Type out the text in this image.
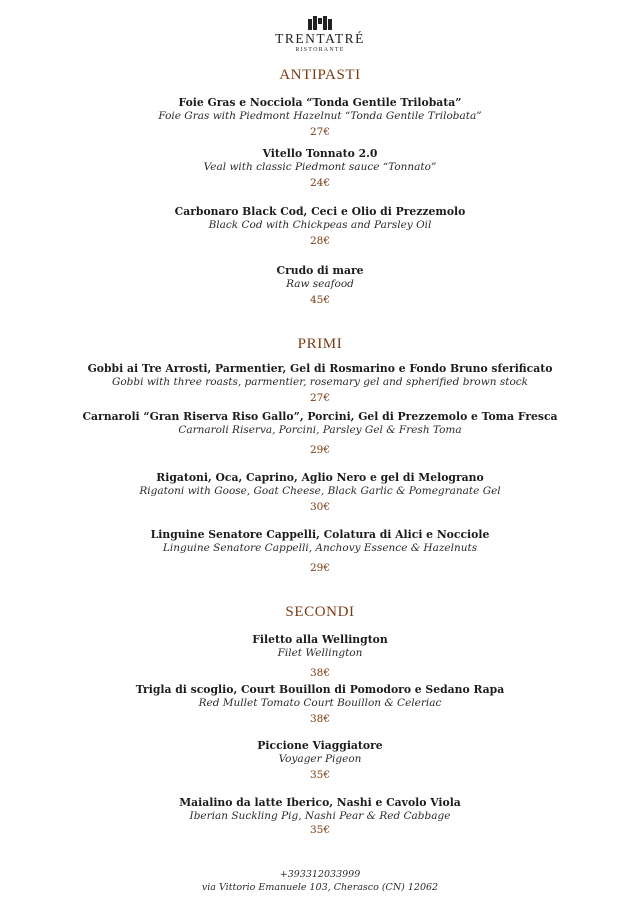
TRENTATRÉ
RISTORANTE
ANTIPASTI
Foie Gras e Nocciola “Tonda Gentile Trilobata”
Foie Gras with Piedmont Hazelnut “Tonda Gentile Trilobata”
27€
Vitello Tonnato 2.0
Veal with classic Piedmont sauce “Tonnato”
24€
Carbonaro Black Cod, Ceci e Olio di Prezzemolo
Black Cod with Chickpeas and Parsley Oil
28€
Crudo di mare
Raw seafood
45€
PRIMI
Gobbi ai Tre Arrosti, Parmentier, Gel di Rosmarino e Fondo Bruno sferificato
Gobbi with three roasts, parmentier, rosemary gel and spherified brown stock
27€
Carnaroli “Gran Riserva Riso Gallo”, Porcini, Gel di Prezzemolo e Toma Fresca
Carnaroli Riserva, Porcini, Parsley Gel & Fresh Toma
29€
Rigatoni, Oca, Caprino, Aglio Nero e gel di Melograno
Rigatoni with Goose, Goat Cheese, Black Garlic & Pomegranate Gel
30€
Linguine Senatore Cappelli, Colatura di Alici e Nocciole
Linguine Senatore Cappelli, Anchovy Essence & Hazelnuts
29€
SECONDI
Filetto alla Wellington
Filet Wellington
38€
Trigla di scoglio, Court Bouillon di Pomodoro e Sedano Rapa
Red Mullet Tomato Court Bouillon & Celeriac
38€
Piccione Viaggiatore
Voyager Pigeon
35€
Maialino da latte Iberico, Nashi e Cavolo Viola
Iberian Suckling Pig, Nashi Pear & Red Cabbage
35€
+393312033999
via Vittorio Emanuele 103, Cherasco (CN) 12062
